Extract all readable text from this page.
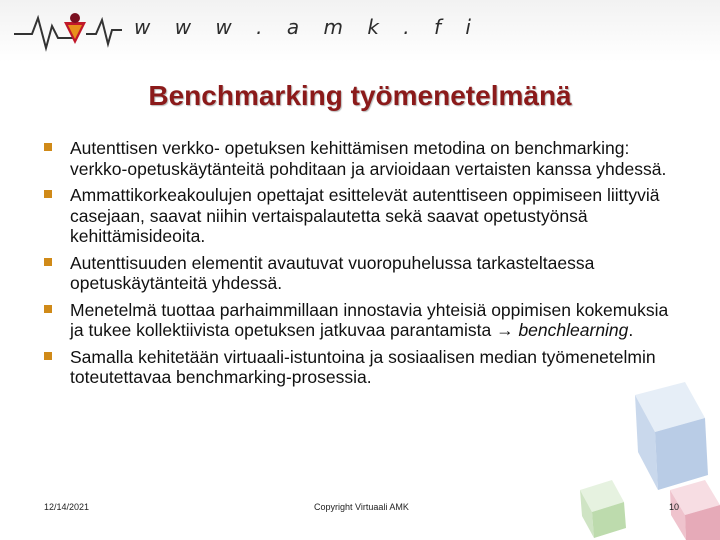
w w w . a m k . f i
Benchmarking työmenetelmänä
Autenttisen verkko- opetuksen kehittämisen metodina on benchmarking: verkko-opetuskäytänteitä pohditaan ja arvioidaan vertaisten kanssa yhdessä.
Ammattikorkeakoulujen opettajat esittelevät autenttiseen oppimiseen liittyviä casejaan, saavat niihin vertaispalautetta sekä saavat opetustyönsä kehittämisideoita.
Autenttisuuden elementit avautuvat vuoropuhelussa tarkasteltaessa opetuskäytänteitä yhdessä.
Menetelmä tuottaa parhaimmillaan innostavia yhteisiä oppimisen kokemuksia ja tukee kollektiivista opetuksen jatkuvaa parantamista → benchlearning.
Samalla kehitetään virtuaali-istuntoina ja sosiaalisen median työmenetelmin toteutettavaa benchmarking-prosessia.
12/14/2021	Copyright Virtuaali AMK	10
